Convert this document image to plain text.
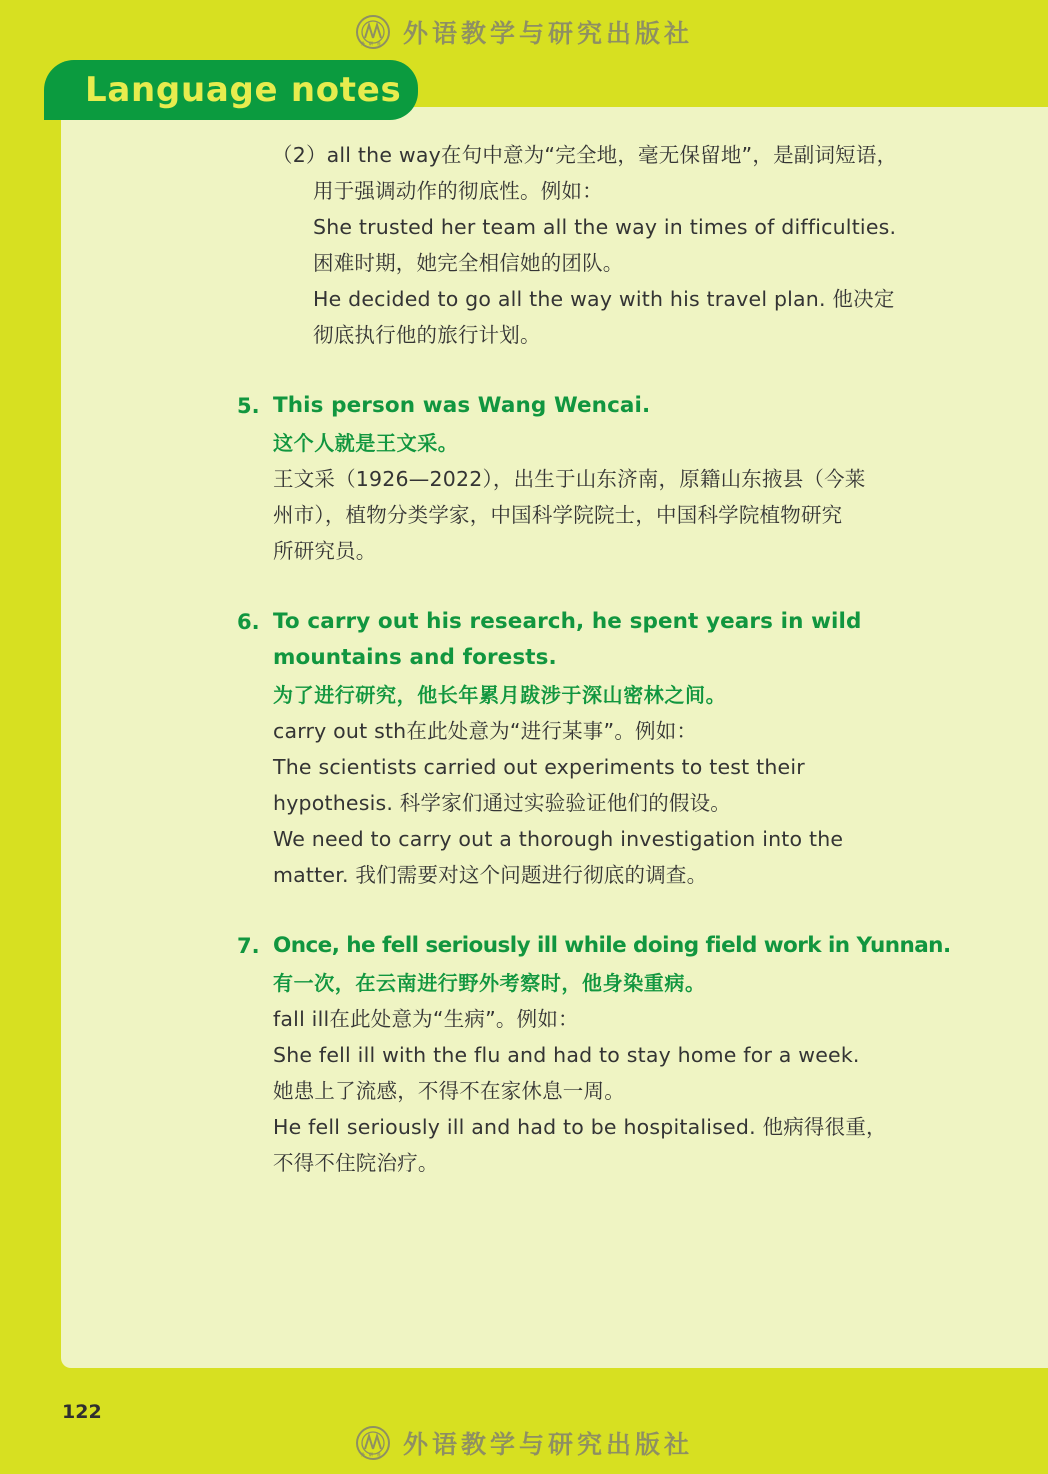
外研社 外语教学与研究出版社
Language notes
（2）all the way在句中意为“完全地，毫无保留地”，是副词短语，
用于强调动作的彻底性。例如：
She trusted her team all the way in times of difficulties.
困难时期，她完全相信她的团队。
He decided to go all the way with his travel plan. 他决定
彻底执行他的旅行计划。
5. This person was Wang Wencai.
这个人就是王文采。
王文采（1926—2022），出生于山东济南，原籍山东掖县（今莱
州市），植物分类学家，中国科学院院士，中国科学院植物研究
所研究员。
6. To carry out his research, he spent years in wild
mountains and forests.
为了进行研究，他长年累月跋涉于深山密林之间。
carry out sth在此处意为“进行某事”。例如：
The scientists carried out experiments to test their
hypothesis. 科学家们通过实验验证他们的假设。
We need to carry out a thorough investigation into the
matter. 我们需要对这个问题进行彻底的调查。
7. Once, he fell seriously ill while doing field work in Yunnan.
有一次，在云南进行野外考察时，他身染重病。
fall ill在此处意为“生病”。例如：
She fell ill with the flu and had to stay home for a week.
她患上了流感，不得不在家休息一周。
He fell seriously ill and had to be hospitalised. 他病得很重，
不得不住院治疗。
122
外研社 外语教学与研究出版社
